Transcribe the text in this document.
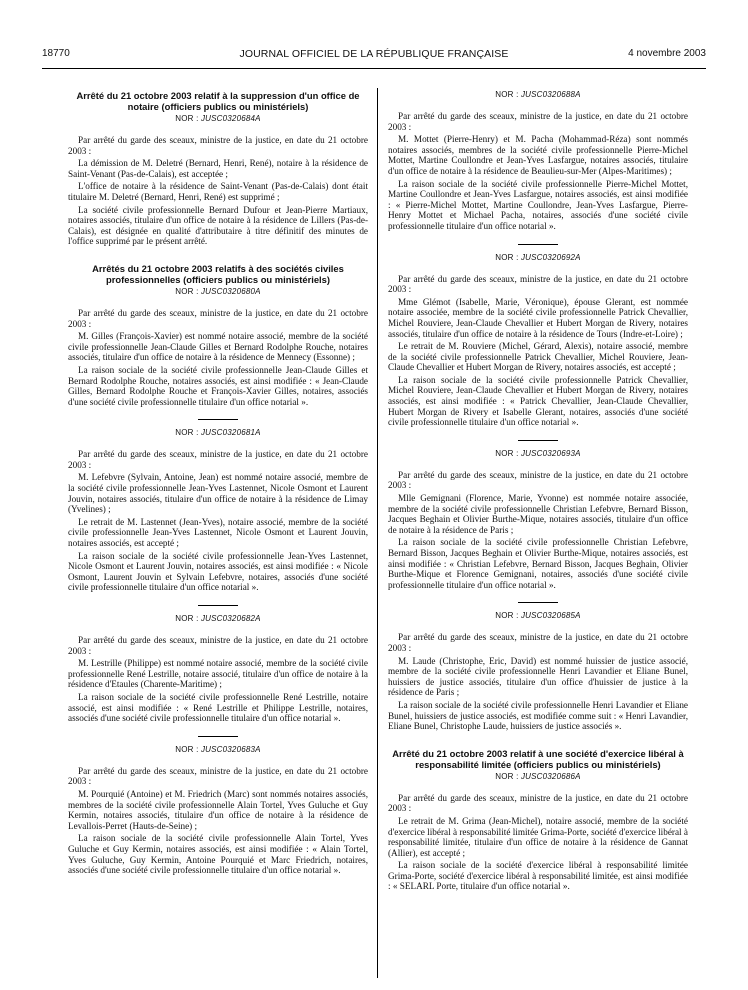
18770	JOURNAL OFFICIEL DE LA RÉPUBLIQUE FRANÇAISE	4 novembre 2003
Arrêté du 21 octobre 2003 relatif à la suppression d'un office de notaire (officiers publics ou ministériels)
NOR : JUSC0320684A

Par arrêté du garde des sceaux, ministre de la justice, en date du 21 octobre 2003 :

La démission de M. Deletré (Bernard, Henri, René), notaire à la résidence de Saint-Venant (Pas-de-Calais), est acceptée ;

L'office de notaire à la résidence de Saint-Venant (Pas-de-Calais) dont était titulaire M. Deletré (Bernard, Henri, René) est supprimé ;

La société civile professionnelle Bernard Dufour et Jean-Pierre Martiaux, notaires associés, titulaire d'un office de notaire à la résidence de Lillers (Pas-de-Calais), est désignée en qualité d'attributaire à titre définitif des minutes de l'office supprimé par le présent arrêté.

Arrêtés du 21 octobre 2003 relatifs à des sociétés civiles professionnelles (officiers publics ou ministériels)
NOR : JUSC0320680A

Par arrêté du garde des sceaux, ministre de la justice, en date du 21 octobre 2003 :

M. Gilles (François-Xavier) est nommé notaire associé, membre de la société civile professionnelle Jean-Claude Gilles et Bernard Rodolphe Rouche, notaires associés, titulaire d'un office de notaire à la résidence de Mennecy (Essonne) ;

La raison sociale de la société civile professionnelle Jean-Claude Gilles et Bernard Rodolphe Rouche, notaires associés, est ainsi modifiée : « Jean-Claude Gilles, Bernard Rodolphe Rouche et François-Xavier Gilles, notaires, associés d'une société civile professionnelle titulaire d'un office notarial ».

NOR : JUSC0320681A

Par arrêté du garde des sceaux, ministre de la justice, en date du 21 octobre 2003 :

M. Lefebvre (Sylvain, Antoine, Jean) est nommé notaire associé, membre de la société civile professionnelle Jean-Yves Lastennet, Nicole Osmont et Laurent Jouvin, notaires associés, titulaire d'un office de notaire à la résidence de Limay (Yvelines) ;

Le retrait de M. Lastennet (Jean-Yves), notaire associé, membre de la société civile professionnelle Jean-Yves Lastennet, Nicole Osmont et Laurent Jouvin, notaires associés, est accepté ;

La raison sociale de la société civile professionnelle Jean-Yves Lastennet, Nicole Osmont et Laurent Jouvin, notaires associés, est ainsi modifiée : « Nicole Osmont, Laurent Jouvin et Sylvain Lefebvre, notaires, associés d'une société civile professionnelle titulaire d'un office notarial ».

NOR : JUSC0320682A

Par arrêté du garde des sceaux, ministre de la justice, en date du 21 octobre 2003 :

M. Lestrille (Philippe) est nommé notaire associé, membre de la société civile professionnelle René Lestrille, notaire associé, titulaire d'un office de notaire à la résidence d'Etaules (Charente-Maritime) ;

La raison sociale de la société civile professionnelle René Lestrille, notaire associé, est ainsi modifiée : « René Lestrille et Philippe Lestrille, notaires, associés d'une société civile professionnelle titulaire d'un office notarial ».

NOR : JUSC0320683A

Par arrêté du garde des sceaux, ministre de la justice, en date du 21 octobre 2003 :

M. Pourquié (Antoine) et M. Friedrich (Marc) sont nommés notaires associés, membres de la société civile professionnelle Alain Tortel, Yves Guluche et Guy Kermin, notaires associés, titulaire d'un office de notaire à la résidence de Levallois-Perret (Hauts-de-Seine) ;

La raison sociale de la société civile professionnelle Alain Tortel, Yves Guluche et Guy Kermin, notaires associés, est ainsi modifiée : « Alain Tortel, Yves Guluche, Guy Kermin, Antoine Pourquié et Marc Friedrich, notaires, associés d'une société civile professionnelle titulaire d'un office notarial ».

NOR : JUSC0320688A

Par arrêté du garde des sceaux, ministre de la justice, en date du 21 octobre 2003 :

M. Mottet (Pierre-Henry) et M. Pacha (Mohammad-Réza) sont nommés notaires associés, membres de la société civile professionnelle Pierre-Michel Mottet, Martine Coullondre et Jean-Yves Lasfargue, notaires associés, titulaire d'un office de notaire à la résidence de Beaulieu-sur-Mer (Alpes-Maritimes) ;

La raison sociale de la société civile professionnelle Pierre-Michel Mottet, Martine Coullondre et Jean-Yves Lasfargue, notaires associés, est ainsi modifiée : « Pierre-Michel Mottet, Martine Coullondre, Jean-Yves Lasfargue, Pierre-Henry Mottet et Michael Pacha, notaires, associés d'une société civile professionnelle titulaire d'un office notarial ».

NOR : JUSC0320692A

Par arrêté du garde des sceaux, ministre de la justice, en date du 21 octobre 2003 :

Mme Glémot (Isabelle, Marie, Véronique), épouse Glerant, est nommée notaire associée, membre de la société civile professionnelle Patrick Chevallier, Michel Rouviere, Jean-Claude Chevallier et Hubert Morgan de Rivery, notaires associés, titulaire d'un office de notaire à la résidence de Tours (Indre-et-Loire) ;

Le retrait de M. Rouviere (Michel, Gérard, Alexis), notaire associé, membre de la société civile professionnelle Patrick Chevallier, Michel Rouviere, Jean-Claude Chevallier et Hubert Morgan de Rivery, notaires associés, est accepté ;

La raison sociale de la société civile professionnelle Patrick Chevallier, Michel Rouviere, Jean-Claude Chevallier et Hubert Morgan de Rivery, notaires associés, est ainsi modifiée : « Patrick Chevallier, Jean-Claude Chevallier, Hubert Morgan de Rivery et Isabelle Glerant, notaires, associés d'une société civile professionnelle titulaire d'un office notarial ».

NOR : JUSC0320693A

Par arrêté du garde des sceaux, ministre de la justice, en date du 21 octobre 2003 :

Mlle Gemignani (Florence, Marie, Yvonne) est nommée notaire associée, membre de la société civile professionnelle Christian Lefebvre, Bernard Bisson, Jacques Beghain et Olivier Burthe-Mique, notaires associés, titulaire d'un office de notaire à la résidence de Paris ;

La raison sociale de la société civile professionnelle Christian Lefebvre, Bernard Bisson, Jacques Beghain et Olivier Burthe-Mique, notaires associés, est ainsi modifiée : « Christian Lefebvre, Bernard Bisson, Jacques Beghain, Olivier Burthe-Mique et Florence Gemignani, notaires, associés d'une société civile professionnelle titulaire d'un office notarial ».

NOR : JUSC0320685A

Par arrêté du garde des sceaux, ministre de la justice, en date du 21 octobre 2003 :

M. Laude (Christophe, Eric, David) est nommé huissier de justice associé, membre de la société civile professionnelle Henri Lavandier et Eliane Bunel, huissiers de justice associés, titulaire d'un office d'huissier de justice à la résidence de Paris ;

La raison sociale de la société civile professionnelle Henri Lavandier et Eliane Bunel, huissiers de justice associés, est modifiée comme suit : « Henri Lavandier, Eliane Bunel, Christophe Laude, huissiers de justice associés ».

Arrêté du 21 octobre 2003 relatif à une société d'exercice libéral à responsabilité limitée (officiers publics ou ministériels)
NOR : JUSC0320686A

Par arrêté du garde des sceaux, ministre de la justice, en date du 21 octobre 2003 :

Le retrait de M. Grima (Jean-Michel), notaire associé, membre de la société d'exercice libéral à responsabilité limitée Grima-Porte, société d'exercice libéral à responsabilité limitée, titulaire d'un office de notaire à la résidence de Gannat (Allier), est accepté ;

La raison sociale de la société d'exercice libéral à responsabilité limitée Grima-Porte, société d'exercice libéral à responsabilité limitée, est ainsi modifiée : « SELARL Porte, titulaire d'un office notarial ».
